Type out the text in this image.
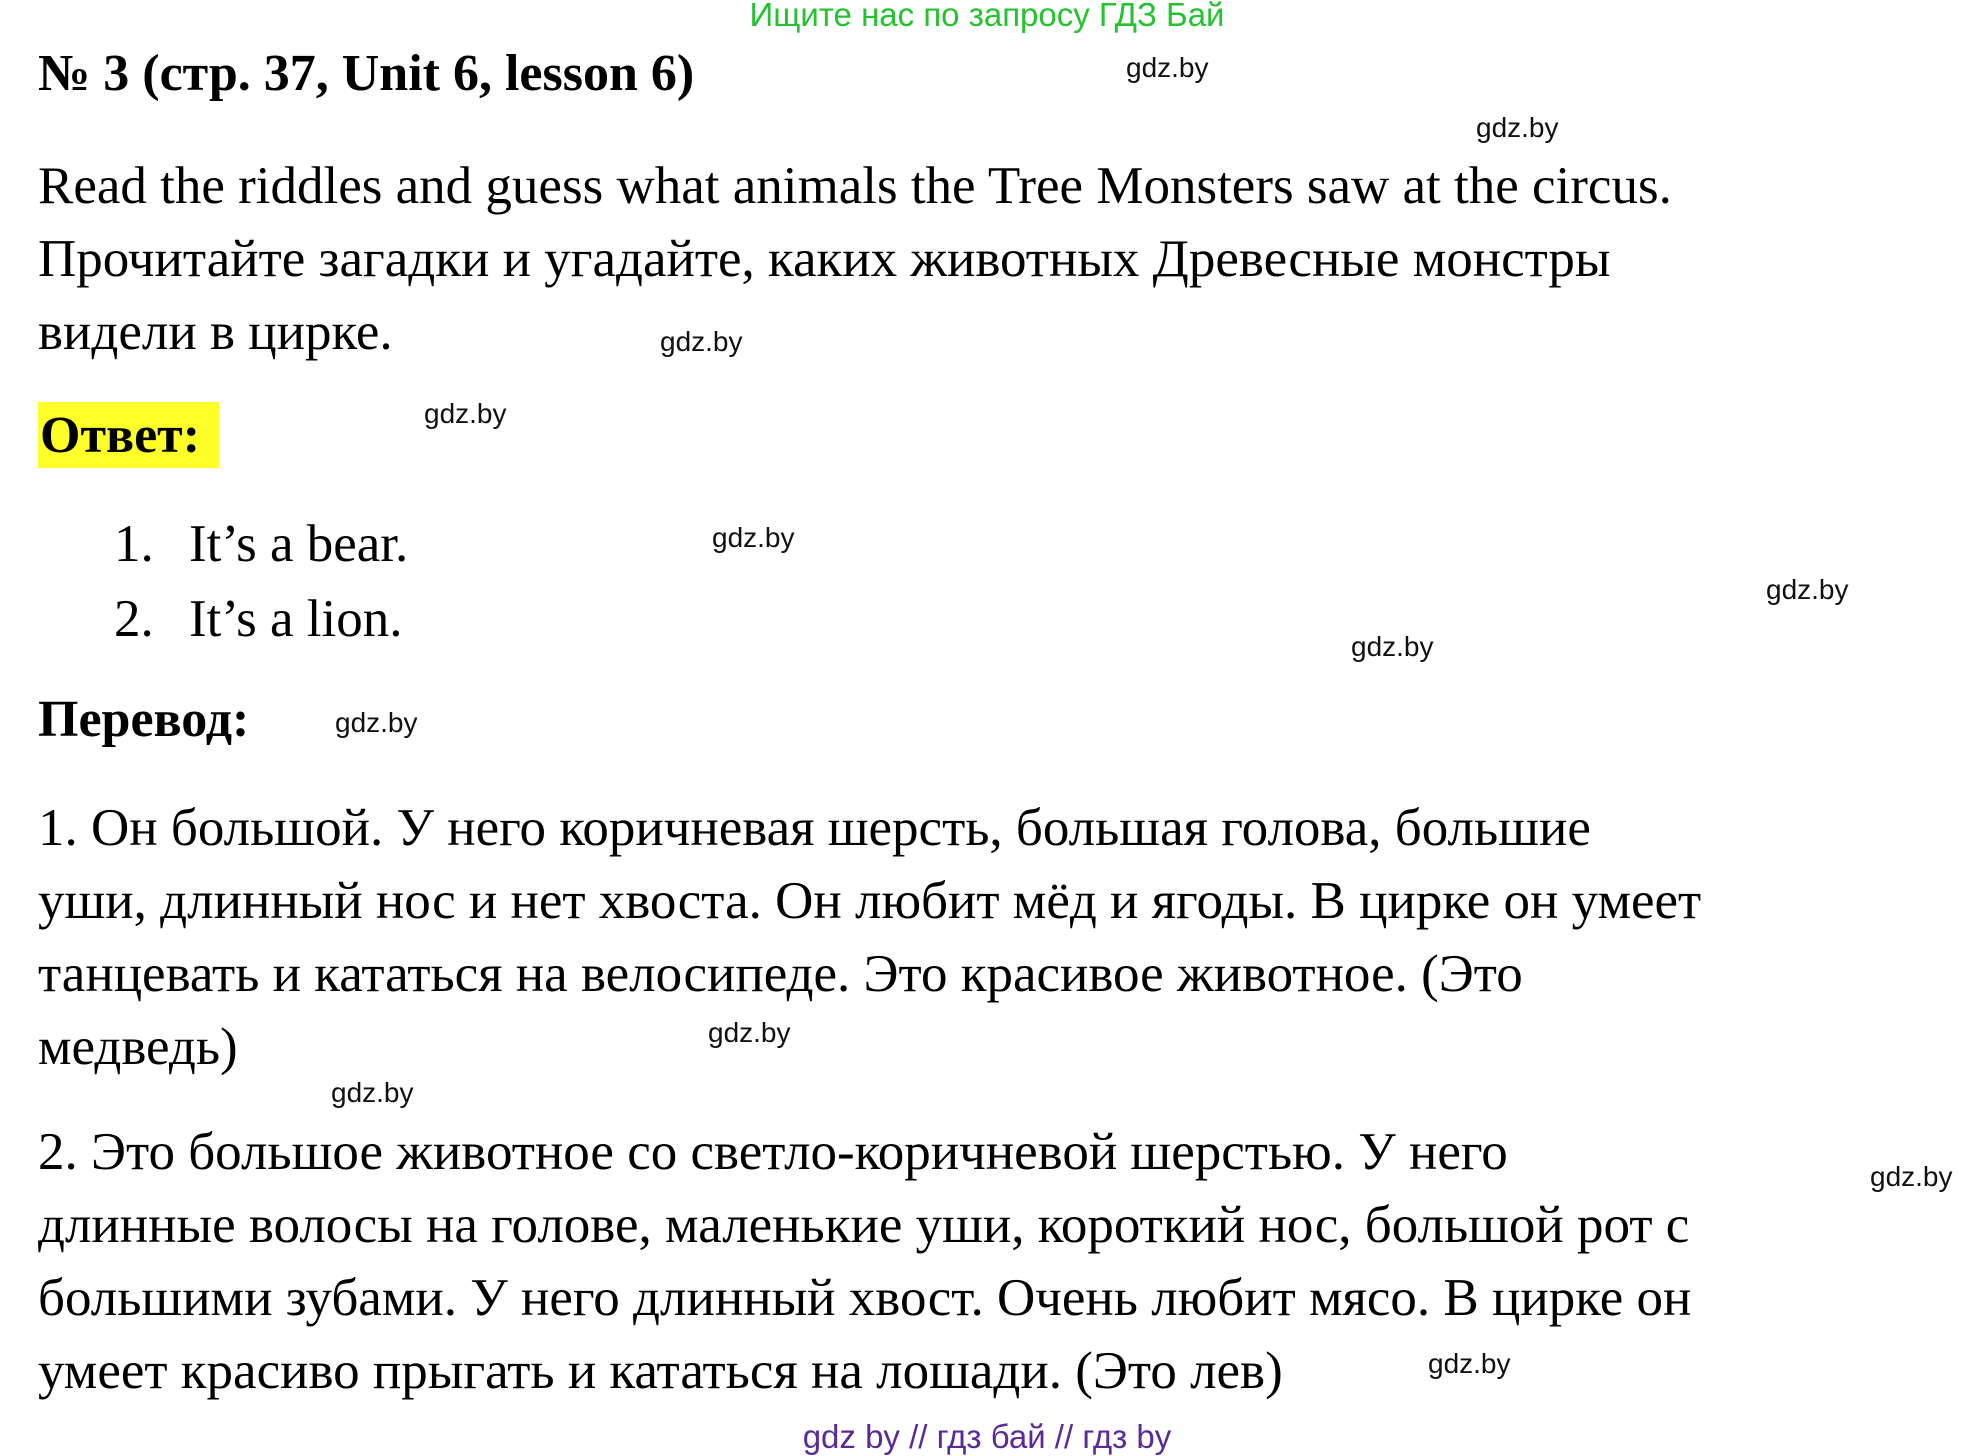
Ищите нас по запросу ГДЗ Бай
№ 3 (стр. 37, Unit 6, lesson 6)
Read the riddles and guess what animals the Tree Monsters saw at the circus.
Прочитайте загадки и угадайте, каких животных Древесные монстры
видели в цирке.
Ответ:
1. It’s a bear.
2. It’s a lion.
Перевод:
1. Он большой. У него коричневая шерсть, большая голова, большие
уши, длинный нос и нет хвоста. Он любит мёд и ягоды. В цирке он умеет
танцевать и кататься на велосипеде. Это красивое животное. (Это
медведь)
2. Это большое животное со светло-коричневой шерстью. У него
длинные волосы на голове, маленькие уши, короткий нос, большой рот с
большими зубами. У него длинный хвост. Очень любит мясо. В цирке он
умеет красиво прыгать и кататься на лошади. (Это лев)
gdz.by
gdz.by
gdz.by
gdz.by
gdz.by
gdz.by
gdz.by
gdz.by
gdz.by
gdz.by
gdz.by
gdz.by
gdz by // гдз бай // гдз by
